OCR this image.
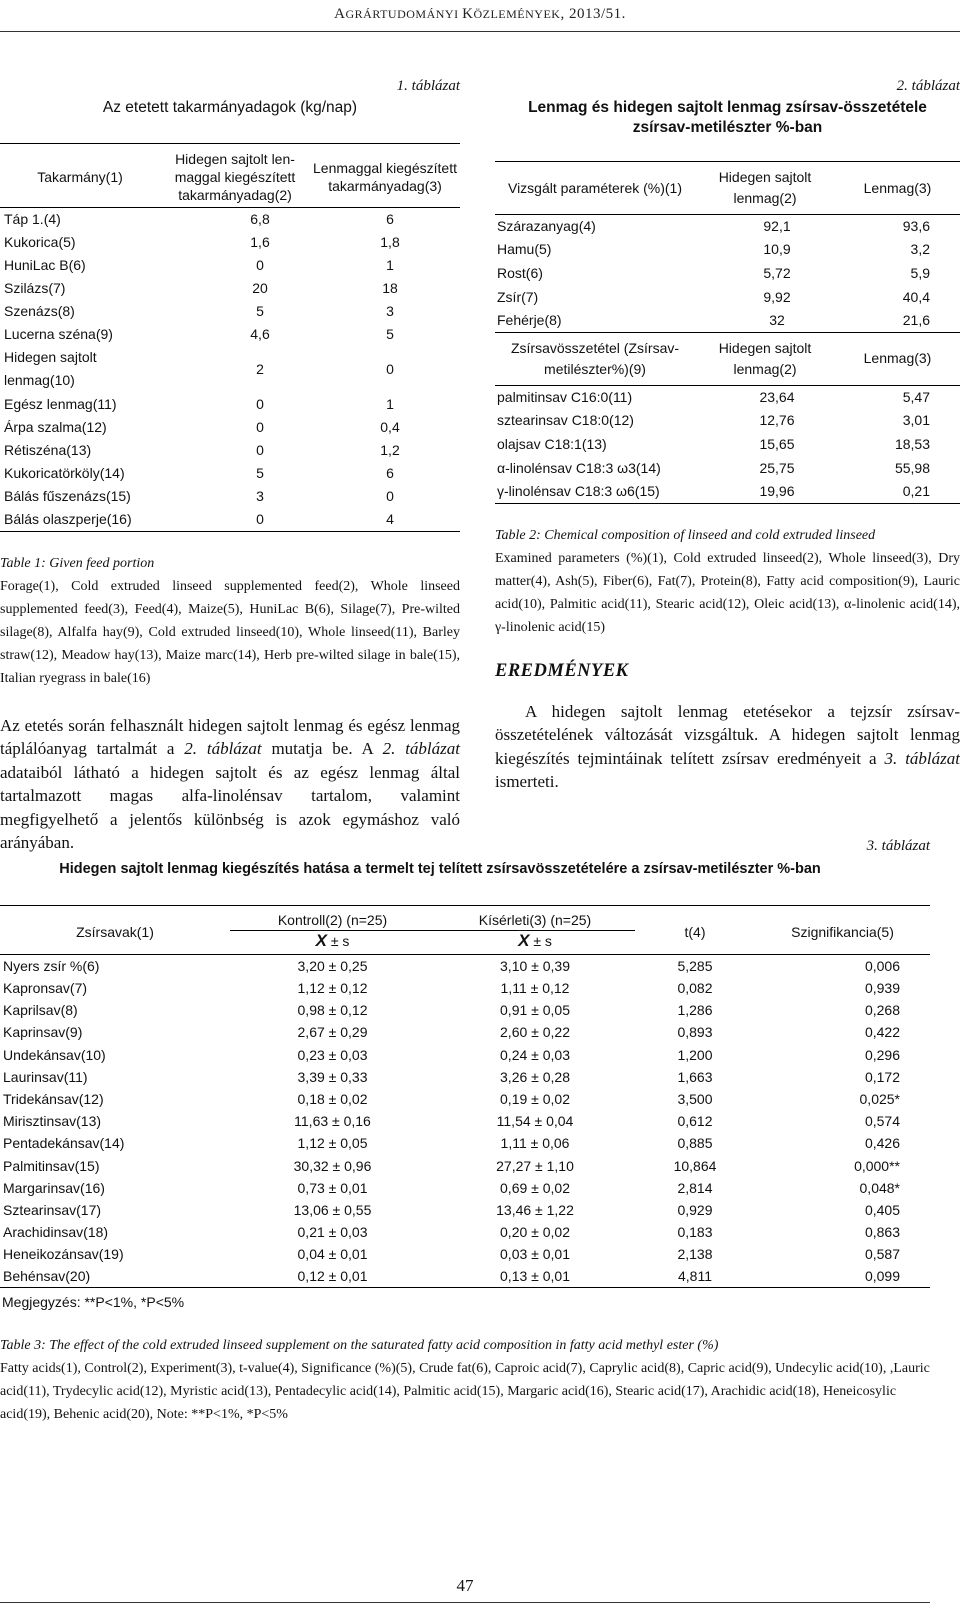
AGRÁRTUDOMÁNYI KÖZLEMÉNYEK, 2013/51.
1. táblázat
Az etetett takarmányadagok (kg/nap)
Takarmány(1)	Hidegen sajtolt len-maggal kiegészített takarmányadag(2)	Lenmaggal kiegészített takarmányadag(3)
Táp 1.(4)	6,8	6
Kukorica(5)	1,6	1,8
HuniLac B(6)	0	1
Szilázs(7)	20	18
Szenázs(8)	5	3
Lucerna széna(9)	4,6	5
Hidegen sajtolt lenmag(10)	2	0
Egész lenmag(11)	0	1
Árpa szalma(12)	0	0,4
Rétiszéna(13)	0	1,2
Kukoricatörköly(14)	5	6
Bálás fűszenázs(15)	3	0
Bálás olaszperje(16)	0	4
Table 1: Given feed portion
Forage(1), Cold extruded linseed supplemented feed(2), Whole linseed supplemented feed(3), Feed(4), Maize(5), HuniLac B(6), Silage(7), Pre-wilted silage(8), Alfalfa hay(9), Cold extruded linseed(10), Whole linseed(11), Barley straw(12), Meadow hay(13), Maize marc(14), Herb pre-wilted silage in bale(15), Italian ryegrass in bale(16)

Az etetés során felhasznált hidegen sajtolt lenmag és egész lenmag táplálóanyag tartalmát a 2. táblázat mutatja be. A 2. táblázat adataiból látható a hidegen sajtolt és az egész lenmag által tartalmazott magas alfa-linolénsav tartalom, valamint megfigyelhető a jelentős különbség is azok egymáshoz való arányában.

2. táblázat
Lenmag és hidegen sajtolt lenmag zsírsav-összetétele
zsírsav-metilészter %-ban
Vizsgált paraméterek (%)(1)	Hidegen sajtolt lenmag(2)	Lenmag(3)
Szárazanyag(4)	92,1	93,6
Hamu(5)	10,9	3,2
Rost(6)	5,72	5,9
Zsír(7)	9,92	40,4
Fehérje(8)	32	21,6
Zsírsavösszetétel (Zsírsav-metilészter%)(9)	Hidegen sajtolt lenmag(2)	Lenmag(3)
palmitinsav C16:0(11)	23,64	5,47
sztearinsav C18:0(12)	12,76	3,01
olajsav C18:1(13)	15,65	18,53
α-linolénsav C18:3 ω3(14)	25,75	55,98
γ-linolénsav C18:3 ω6(15)	19,96	0,21
Table 2: Chemical composition of linseed and cold extruded linseed
Examined parameters (%)(1), Cold extruded linseed(2), Whole linseed(3), Dry matter(4), Ash(5), Fiber(6), Fat(7), Protein(8), Fatty acid composition(9), Lauric acid(10), Palmitic acid(11), Stearic acid(12), Oleic acid(13), α-linolenic acid(14), γ-linolenic acid(15)
EREDMÉNYEK

A hidegen sajtolt lenmag etetésekor a tejzsír zsírsav-összetételének változását vizsgáltuk. A hidegen sajtolt lenmag kiegészítés tejmintáinak telített zsírsav eredményeit a 3. táblázat ismerteti.

3. táblázat
Hidegen sajtolt lenmag kiegészítés hatása a termelt tej telített zsírsavösszetételére a zsírsav-metilészter %-ban
Zsírsavak(1)	Kontroll(2) (n=25)	Kísérleti(3) (n=25)	t(4)	Szignifikancia(5)
	$\overline{X} \pm s$	$\overline{X} \pm s$		
Nyers zsír %(6)	3,20 ± 0,25	3,10 ± 0,39	5,285	0,006
Kapronsav(7)	1,12 ± 0,12	1,11 ± 0,12	0,082	0,939
Kaprilsav(8)	0,98 ± 0,12	0,91 ± 0,05	1,286	0,268
Kaprinsav(9)	2,67 ± 0,29	2,60 ± 0,22	0,893	0,422
Undekánsav(10)	0,23 ± 0,03	0,24 ± 0,03	1,200	0,296
Laurinsav(11)	3,39 ± 0,33	3,26 ± 0,28	1,663	0,172
Tridekánsav(12)	0,18 ± 0,02	0,19 ± 0,02	3,500	0,025*
Mirisztinsav(13)	11,63 ± 0,16	11,54 ± 0,04	0,612	0,574
Pentadekánsav(14)	1,12 ± 0,05	1,11 ± 0,06	0,885	0,426
Palmitinsav(15)	30,32 ± 0,96	27,27 ± 1,10	10,864	0,000**
Margarinsav(16)	0,73 ± 0,01	0,69 ± 0,02	2,814	0,048*
Sztearinsav(17)	13,06 ± 0,55	13,46 ± 1,22	0,929	0,405
Arachidinsav(18)	0,21 ± 0,03	0,20 ± 0,02	0,183	0,863
Heneikozánsav(19)	0,04 ± 0,01	0,03 ± 0,01	2,138	0,587
Behénsav(20)	0,12 ± 0,01	0,13 ± 0,01	4,811	0,099
Megjegyzés: **P<1%, *P<5%
Table 3: The effect of the cold extruded linseed supplement on the saturated fatty acid composition in fatty acid methyl ester (%)
Fatty acids(1), Control(2), Experiment(3), t-value(4), Significance (%)(5), Crude fat(6), Caproic acid(7), Caprylic acid(8), Capric acid(9), Undecylic acid(10), ,Lauric acid(11), Trydecylic acid(12), Myristic acid(13), Pentadecylic acid(14), Palmitic acid(15), Margaric acid(16), Stearic acid(17), Arachidic acid(18), Heneicosylic acid(19), Behenic acid(20), Note: **P<1%, *P<5%
47
